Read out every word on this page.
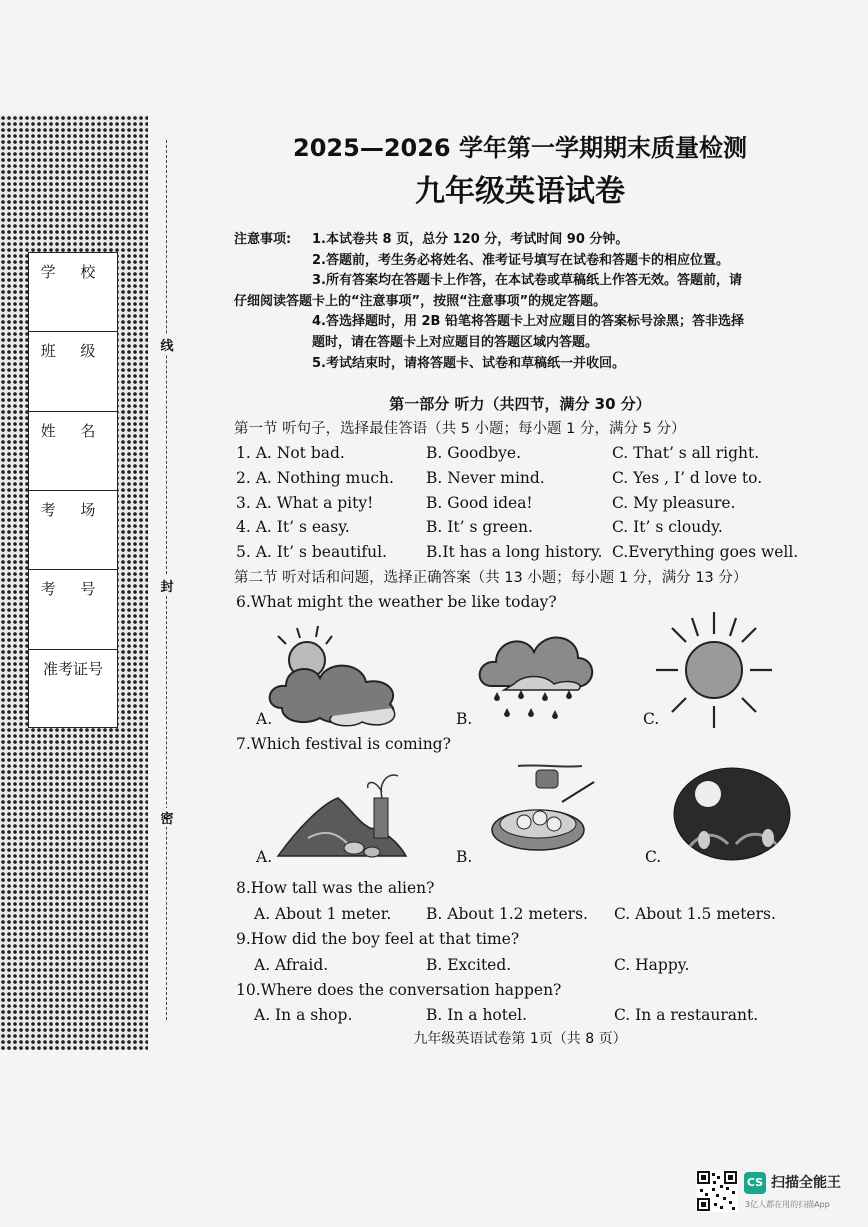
学 校
班 级
姓 名
考 场
考 号
准考证号
线
封
密
2025—2026 学年第一学期期末质量检测
九年级英语试卷
注意事项:	1.本试卷共 8 页，总分 120 分，考试时间 90 分钟。
2.答题前，考生务必将姓名、准考证号填写在试卷和答题卡的相应位置。
3.所有答案均在答题卡上作答，在本试卷或草稿纸上作答无效。答题前，请
仔细阅读答题卡上的“注意事项”，按照“注意事项”的规定答题。
4.答选择题时，用 2B 铅笔将答题卡上对应题目的答案标号涂黑；答非选择
题时，请在答题卡上对应题目的答题区域内答题。
5.考试结束时，请将答题卡、试卷和草稿纸一并收回。
第一部分 听力（共四节，满分 30 分）
第一节 听句子，选择最佳答语（共 5 小题；每小题 1 分，满分 5 分）
1. A. Not bad.	B. Goodbye.	C. That’ s all right.
2. A. Nothing much. B. Never mind.	C. Yes , I’ d love to.
3. A. What a pity!	B. Good idea!	C. My pleasure.
4. A. It’ s easy.	B. It’ s green.	C. It’ s cloudy.
5. A. It’ s beautiful.	B.It has a long history. C.Everything goes well.
第二节 听对话和问题，选择正确答案（共 13 小题；每小题 1 分，满分 13 分）
6.What might the weather be like today?
A.	B.	C.
7.Which festival is coming?
A.	B.	C.
8.How tall was the alien?
A. About 1 meter. B. About 1.2 meters. C. About 1.5 meters.
9.How did the boy feel at that time?
A. Afraid.	B. Excited.	C. Happy.
10.Where does the conversation happen?
A. In a shop.	B. In a hotel.	C. In a restaurant.
九年级英语试卷第 1页（共 8 页）
CS 扫描全能王
3亿人都在用的扫描App
